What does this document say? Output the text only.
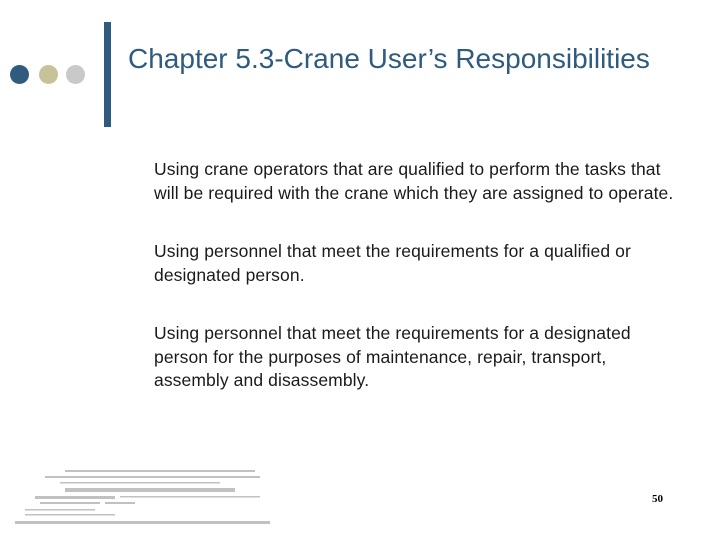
Chapter 5.3-Crane User’s Responsibilities
Using crane operators that are qualified to perform the tasks that will be required with the crane which they are assigned to operate.
Using personnel that meet the requirements for a qualified or designated person.
Using personnel that meet the requirements for a designated person for the purposes of maintenance, repair, transport, assembly and disassembly.
50
